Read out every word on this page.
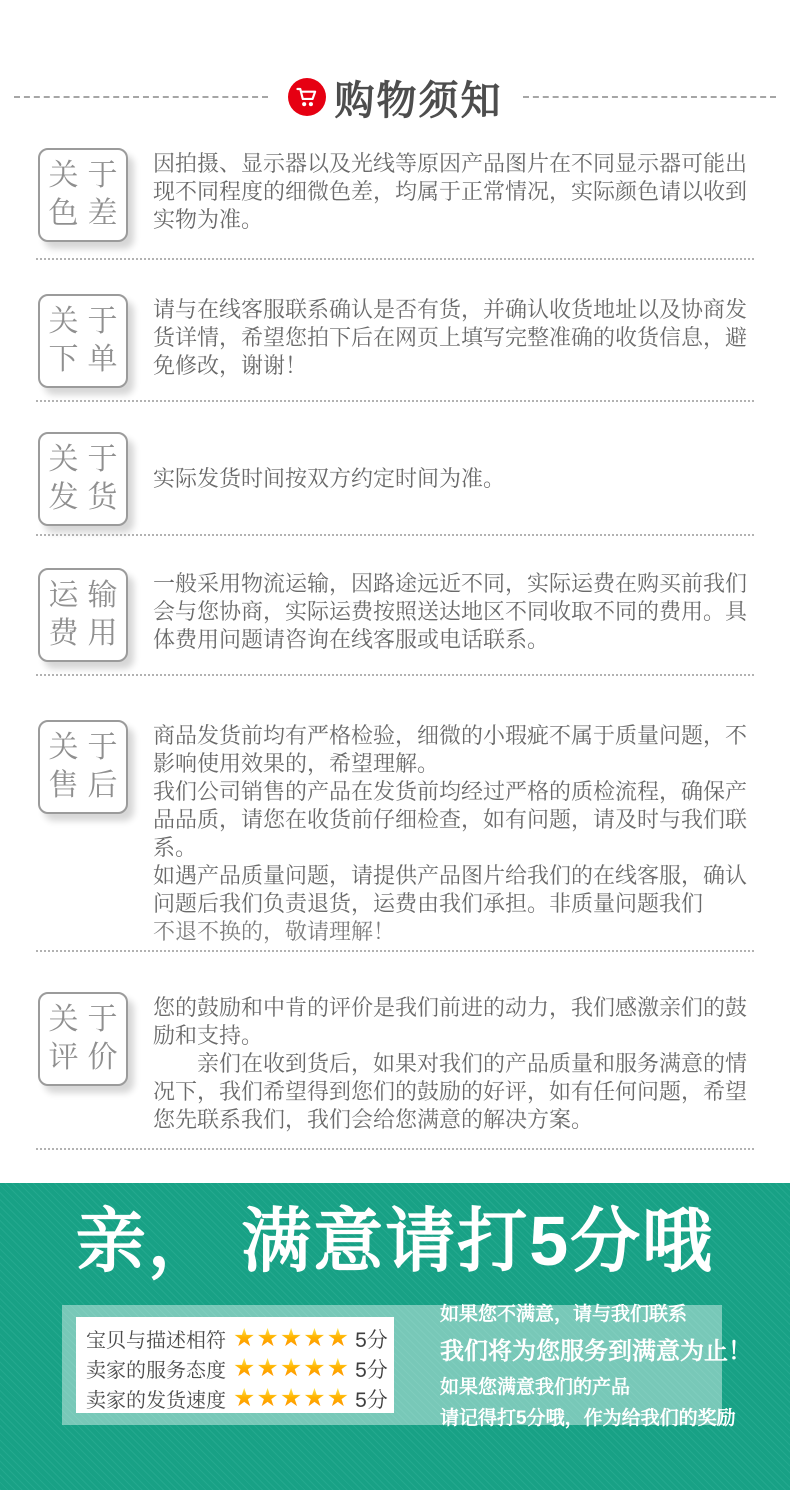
购物须知
关于
色差

因拍摄、显示器以及光线等原因产品图片在不同显示器可能出现不同程度的细微色差，均属于正常情况，实际颜色请以收到实物为准。

关于
下单

请与在线客服联系确认是否有货，并确认收货地址以及协商发货详情，希望您拍下后在网页上填写完整准确的收货信息，避免修改，谢谢！

关于
发货

实际发货时间按双方约定时间为准。

运输
费用

一般采用物流运输，因路途远近不同，实际运费在购买前我们会与您协商，实际运费按照送达地区不同收取不同的费用。具体费用问题请咨询在线客服或电话联系。

关于
售后

商品发货前均有严格检验，细微的小瑕疵不属于质量问题，不影响使用效果的，希望理解。

我们公司销售的产品在发货前均经过严格的质检流程，确保产品品质，请您在收货前仔细检查，如有问题，请及时与我们联系。

如遇产品质量问题，请提供产品图片给我们的在线客服，确认问题后我们负责退货，运费由我们承担。非质量问题我们

不退不换的，敬请理解！

关于
评价

您的鼓励和中肯的评价是我们前进的动力，我们感激亲们的鼓励和支持。

　　亲们在收到货后，如果对我们的产品质量和服务满意的情况下，我们希望得到您们的鼓励的好评，如有任何问题，希望您先联系我们，我们会给您满意的解决方案。

亲， 满意请打5分哦
宝贝与描述相符 ★★★★★ 5分
卖家的服务态度 ★★★★★ 5分
卖家的发货速度 ★★★★★ 5分
如果您不满意，请与我们联系
我们将为您服务到满意为止！
如果您满意我们的产品
请记得打5分哦，作为给我们的奖励
